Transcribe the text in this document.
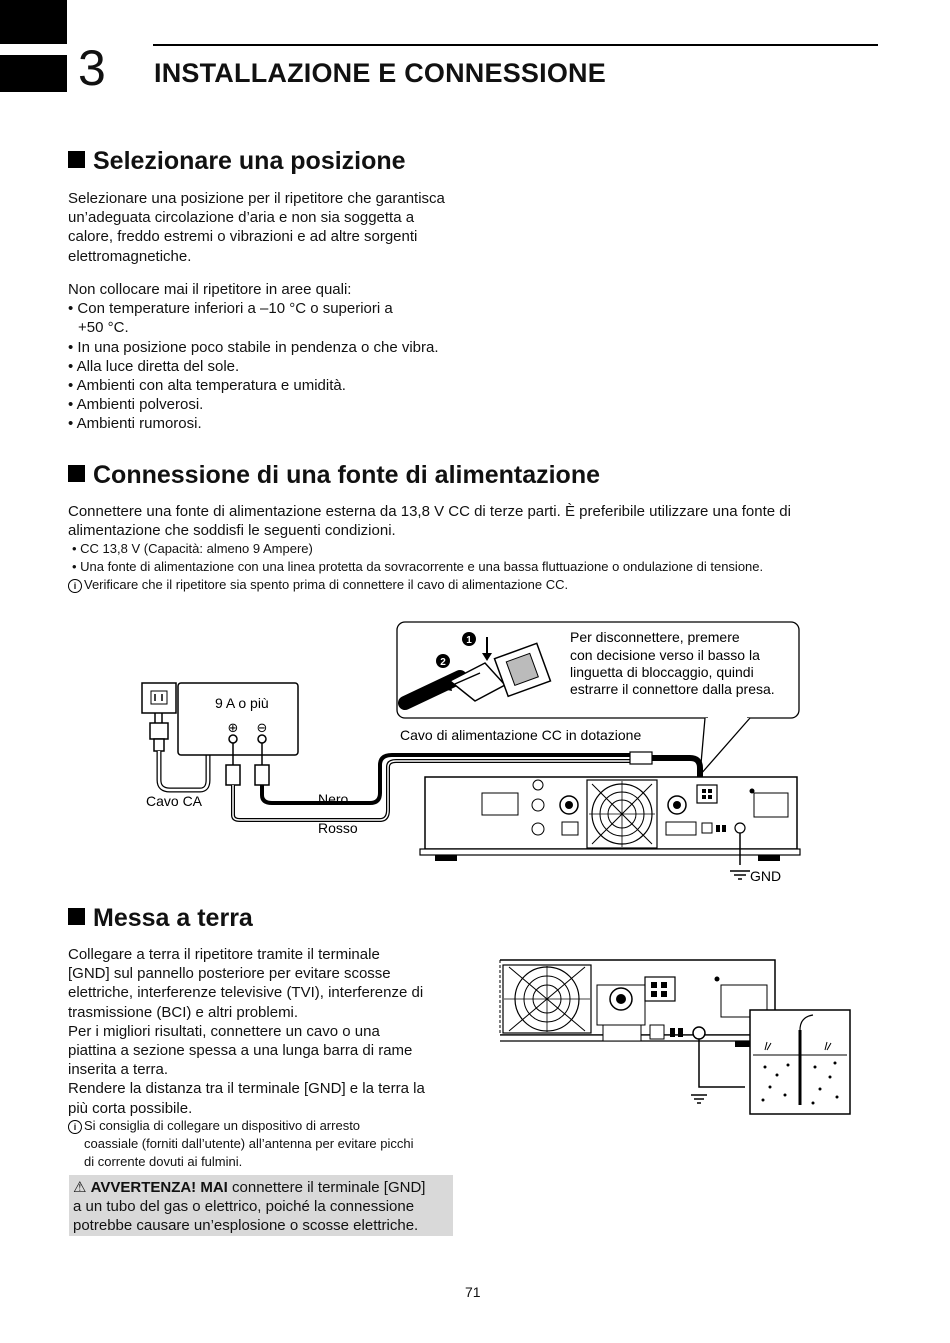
3 INSTALLAZIONE E CONNESSIONE
Selezionare una posizione
Selezionare una posizione per il ripetitore che garantisca
un’adeguata circolazione d’aria e non sia soggetta a
calore, freddo estremi o vibrazioni e ad altre sorgenti
elettromagnetiche.
Non collocare mai il ripetitore in aree quali:
• Con temperature inferiori a –10 °C o superiori a
+50 °C.
• In una posizione poco stabile in pendenza o che vibra.
• Alla luce diretta del sole.
• Ambienti con alta temperatura e umidità.
• Ambienti polverosi.
• Ambienti rumorosi.
Connessione di una fonte di alimentazione
Connettere una fonte di alimentazione esterna da 13,8 V CC di terze parti. È preferibile utilizzare una fonte di
alimentazione che soddisfi le seguenti condizioni.
• CC 13,8 V (Capacità: almeno 9 Ampere)
• Una fonte di alimentazione con una linea protetta da sovracorrente e una bassa fluttuazione o ondulazione di tensione.
i Verificare che il ripetitore sia spento prima di connettere il cavo di alimentazione CC.
1
2
Per disconnettere, premere
con decisione verso il basso la
linguetta di bloccaggio, quindi
estrarre il connettore dalla presa.
9 A o più
⊕ ⊖	Cavo di alimentazione CC in dotazione
Cavo CA	Nero
Rosso
GND
Messa a terra
Collegare a terra il ripetitore tramite il terminale
[GND] sul pannello posteriore per evitare scosse
elettriche, interferenze televisive (TVI), interferenze di
trasmissione (BCI) e altri problemi.
Per i migliori risultati, connettere un cavo o una
piattina a sezione spessa a una lunga barra di rame
inserita a terra.
Rendere la distanza tra il terminale [GND] e la terra la
più corta possibile.
i Si consiglia di collegare un dispositivo di arresto
coassiale (forniti dall’utente) all’antenna per evitare picchi
di corrente dovuti ai fulmini.
⚠ AVVERTENZA! MAI connettere il terminale [GND]
a un tubo del gas o elettrico, poiché la connessione
potrebbe causare un’esplosione o scosse elettriche.
71
